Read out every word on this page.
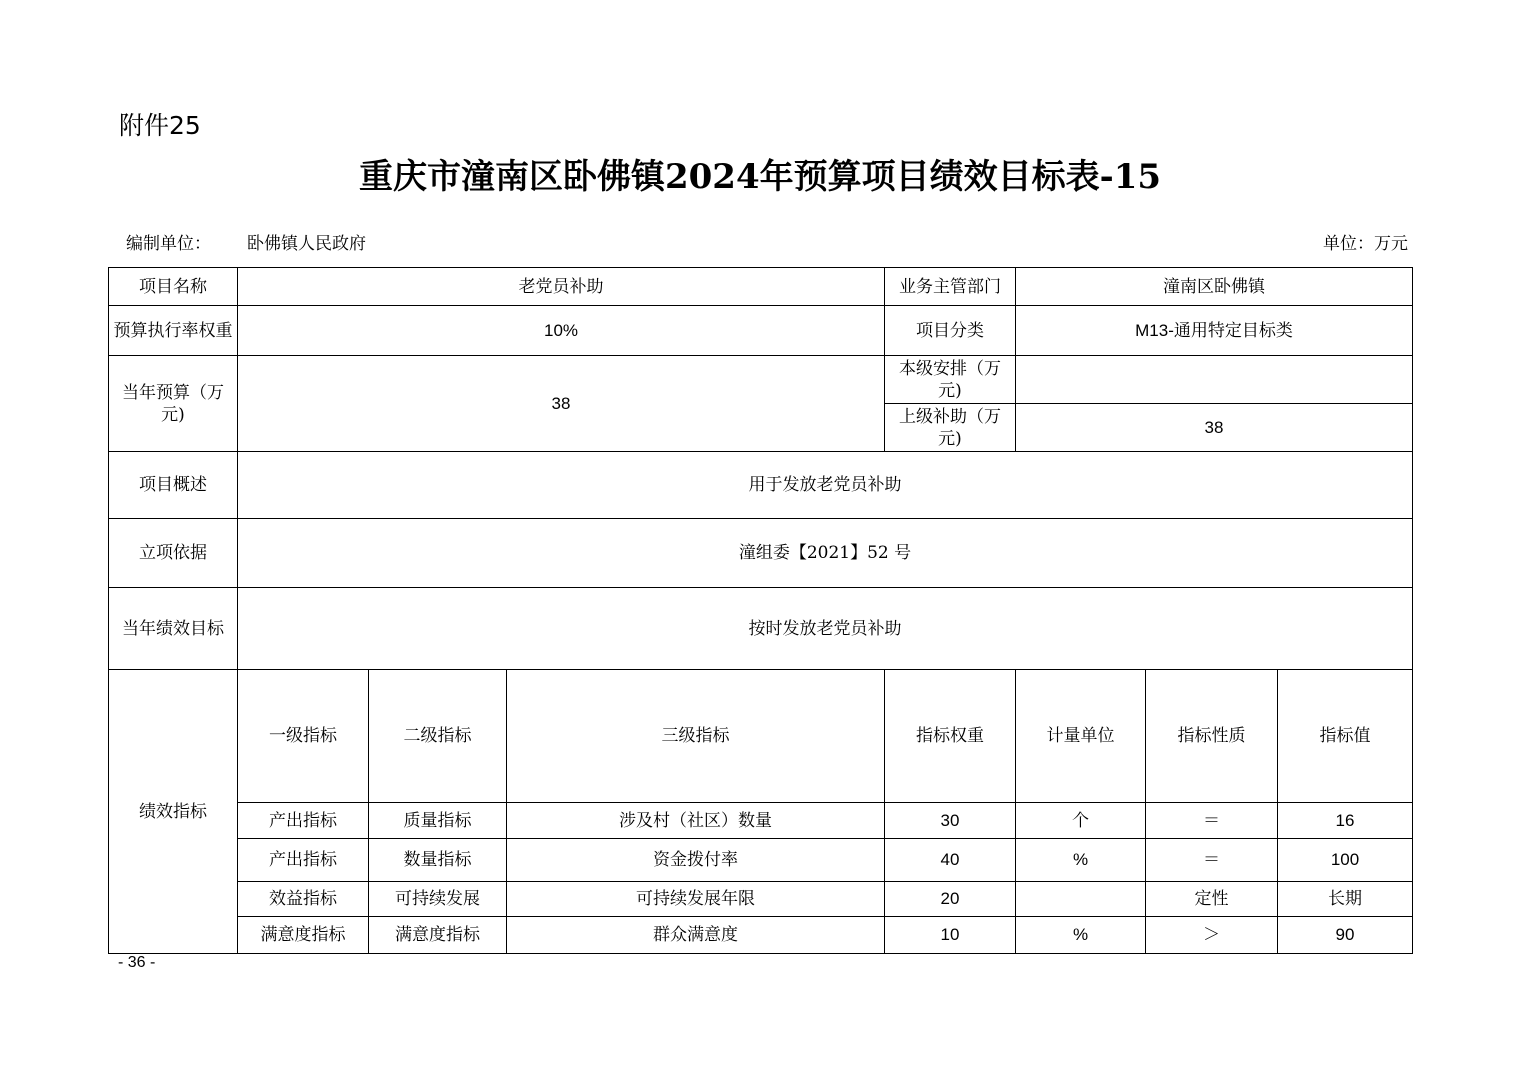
附件25
重庆市潼南区卧佛镇2024年预算项目绩效目标表-15
编制单位： 卧佛镇人民政府	单位：万元
项目名称	老党员补助			业务主管部门	潼南区卧佛镇			
预算执行率权重	10%			项目分类	M13-通用特定目标类			
当年预算（万元)	38			本级安排（万元)				
				上级补助（万元)	38			
项目概述	用于发放老党员补助							
立项依据	潼组委【2021】52 号							
当年绩效目标	按时发放老党员补助							
绩效指标	一级指标	二级指标	三级指标	指标权重	计量单位	指标性质	指标值	
	产出指标	质量指标	涉及村（社区）数量	30	个	＝	16	
	产出指标	数量指标	资金拨付率	40	%	＝	100	
	效益指标	可持续发展	可持续发展年限	20		定性	长期	
	满意度指标	满意度指标	群众满意度	10	%	＞	90	
- 36 -
